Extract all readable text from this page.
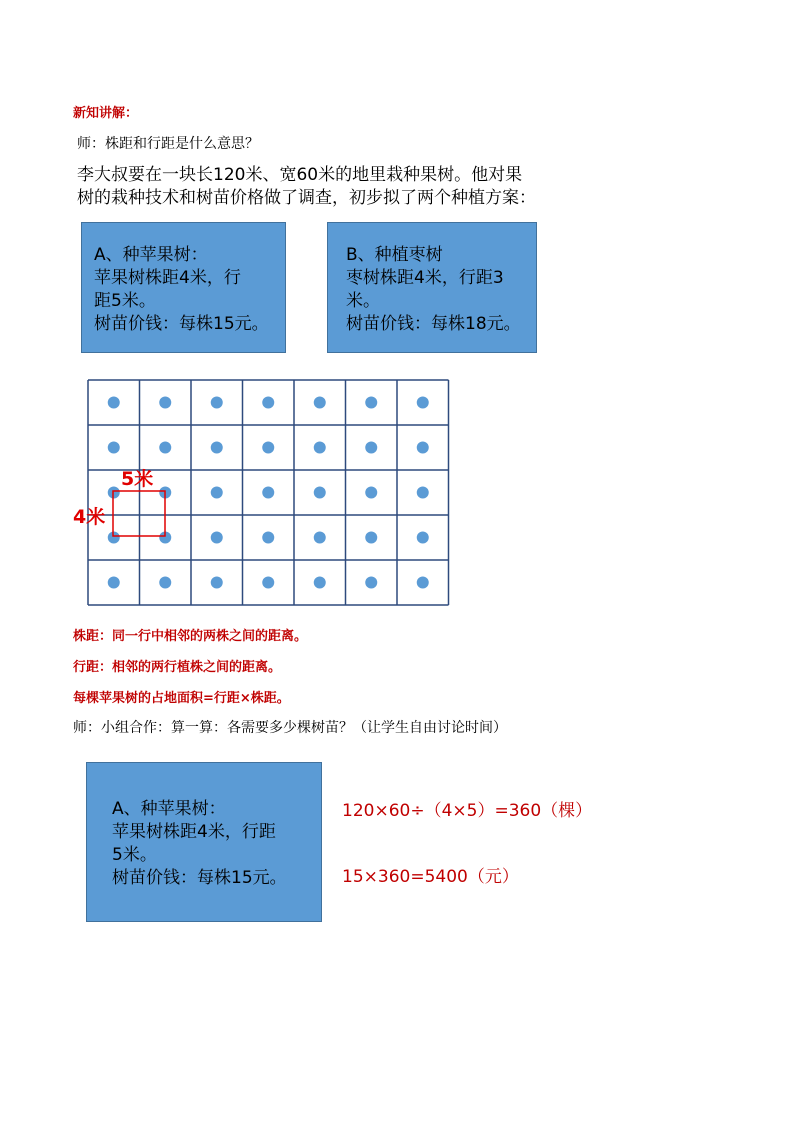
新知讲解：
师：株距和行距是什么意思？
李大叔要在一块长120米、宽60米的地里栽种果树。他对果
树的栽种技术和树苗价格做了调查，初步拟了两个种植方案：
A、种苹果树：
苹果树株距4米，行
距5米。
树苗价钱：每株15元。
B、种植枣树
枣树株距4米，行距3
米。
树苗价钱：每株18元。
5米
4米
株距：同一行中相邻的两株之间的距离。
行距：相邻的两行植株之间的距离。
每棵苹果树的占地面积=行距×株距。
师：小组合作：算一算：各需要多少棵树苗？（让学生自由讨论时间）
A、种苹果树：
苹果树株距4米，行距
5米。
树苗价钱：每株15元。
120×60÷（4×5）=360（棵）
15×360=5400（元）
